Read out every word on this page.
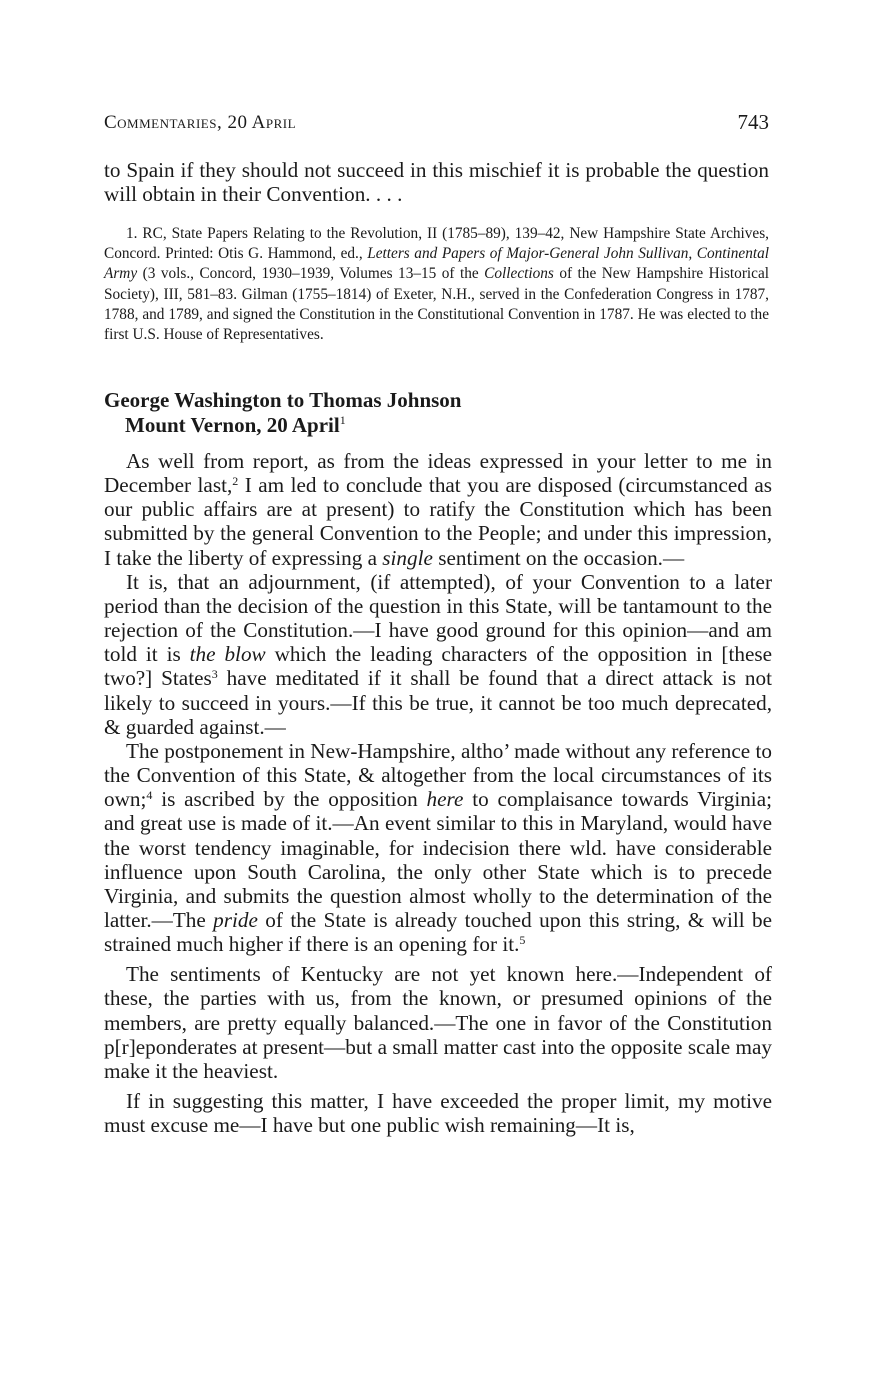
Commentaries, 20 April	743

to Spain if they should not succeed in this mischief it is probable the question will obtain in their Convention. . . .

1. RC, State Papers Relating to the Revolution, II (1785–89), 139–42, New Hampshire State Archives, Concord. Printed: Otis G. Hammond, ed., Letters and Papers of Major-General John Sullivan, Continental Army (3 vols., Concord, 1930–1939, Volumes 13–15 of the Collections of the New Hampshire Historical Society), III, 581–83. Gilman (1755–1814) of Exeter, N.H., served in the Confederation Congress in 1787, 1788, and 1789, and signed the Constitution in the Constitutional Convention in 1787. He was elected to the first U.S. House of Representatives.

George Washington to Thomas Johnson
Mount Vernon, 20 April$^1$

As well from report, as from the ideas expressed in your letter to me in December last,$^2$ I am led to conclude that you are disposed (circumstanced as our public affairs are at present) to ratify the Constitution which has been submitted by the general Convention to the People; and under this impression, I take the liberty of expressing a single sentiment on the occasion.—

It is, that an adjournment, (if attempted), of your Convention to a later period than the decision of the question in this State, will be tantamount to the rejection of the Constitution.—I have good ground for this opinion—and am told it is the blow which the leading characters of the opposition in [these two?] States$^3$ have meditated if it shall be found that a direct attack is not likely to succeed in yours.—If this be true, it cannot be too much deprecated, & guarded against.—

The postponement in New-Hampshire, altho’ made without any reference to the Convention of this State, & altogether from the local circumstances of its own;$^4$ is ascribed by the opposition here to complaisance towards Virginia; and great use is made of it.—An event similar to this in Maryland, would have the worst tendency imaginable, for indecision there wld. have considerable influence upon South Carolina, the only other State which is to precede Virginia, and submits the question almost wholly to the determination of the latter.—The pride of the State is already touched upon this string, & will be strained much higher if there is an opening for it.$^5$

The sentiments of Kentucky are not yet known here.—Independent of these, the parties with us, from the known, or presumed opinions of the members, are pretty equally balanced.—The one in favor of the Constitution p[r]eponderates at present—but a small matter cast into the opposite scale may make it the heaviest.

If in suggesting this matter, I have exceeded the proper limit, my motive must excuse me—I have but one public wish remaining—It is,
